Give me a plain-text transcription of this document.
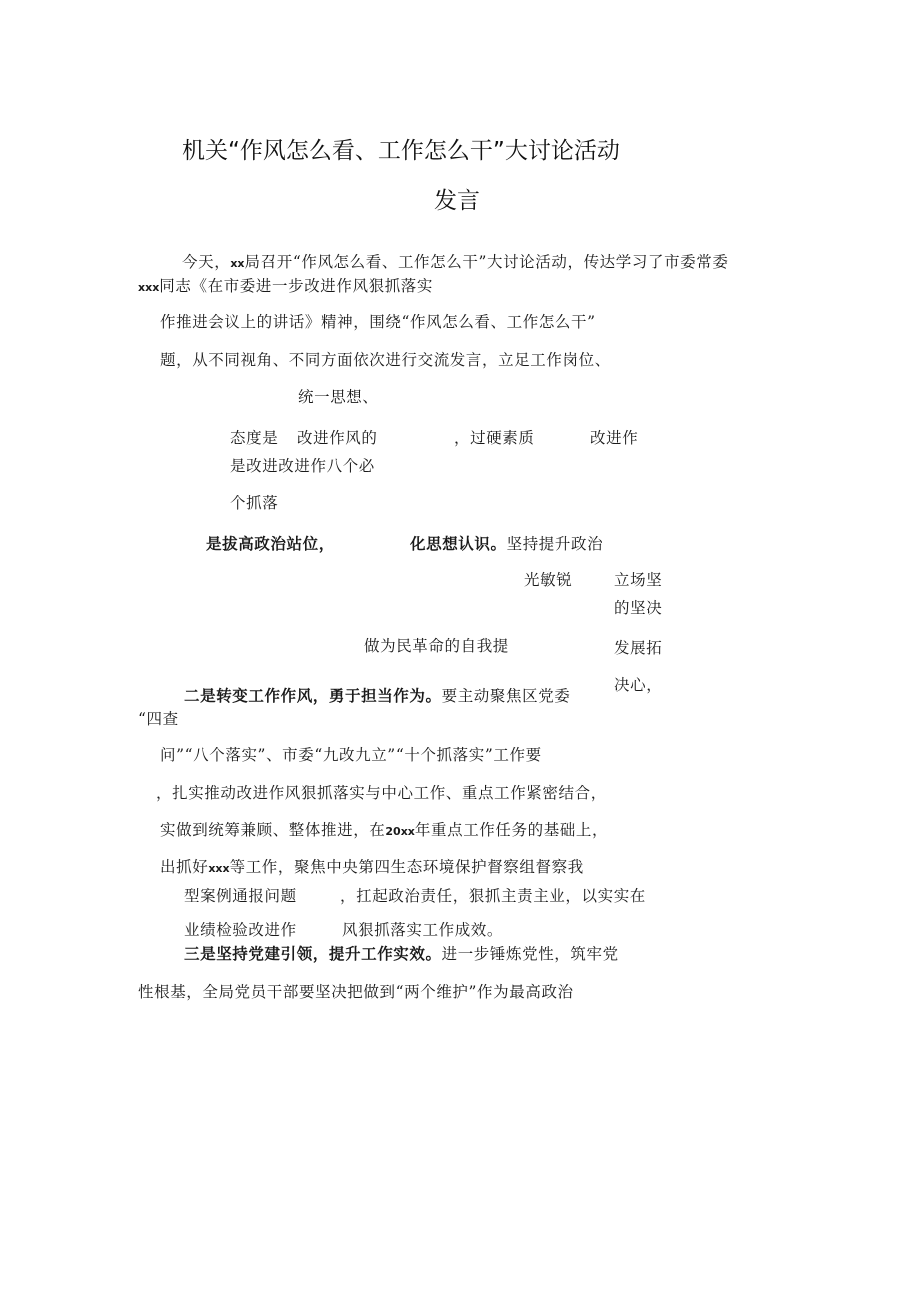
机关“作风怎么看、工作怎么干”大讨论活动
发言
今天，xx局召开“作风怎么看、工作怎么干”大讨论活动，传达学习了市委常委
xxx同志《在市委进一步改进作风狠抓落实
作推进会议上的讲话》精神，围绕“作风怎么看、工作怎么干”
题，从不同视角、不同方面依次进行交流发言，立足工作岗位、
统一思想、
态度是 改进作风的	，过硬素质	改进作
是改进改进作八个必
个抓落
是拔高政治站位，	化思想认识。坚持提升政治
光敏锐	立场坚
的坚决
做为民革命的自我提	发展拓
决心，
二是转变工作作风，勇于担当作为。要主动聚焦区党委
“四查
问”“八个落实”、市委“九改九立”“十个抓落实”工作要
，扎实推动改进作风狠抓落实与中心工作、重点工作紧密结合，
实做到统筹兼顾、整体推进，在20xx年重点工作任务的基础上，
出抓好xxx等工作，聚焦中央第四生态环境保护督察组督察我
型案例通报问题	，扛起政治责任，狠抓主责主业，以实实在
业绩检验改进作	风狠抓落实工作成效。
三是坚持党建引领，提升工作实效。进一步锤炼党性，筑牢党
性根基，全局党员干部要坚决把做到“两个维护”作为最高政治
